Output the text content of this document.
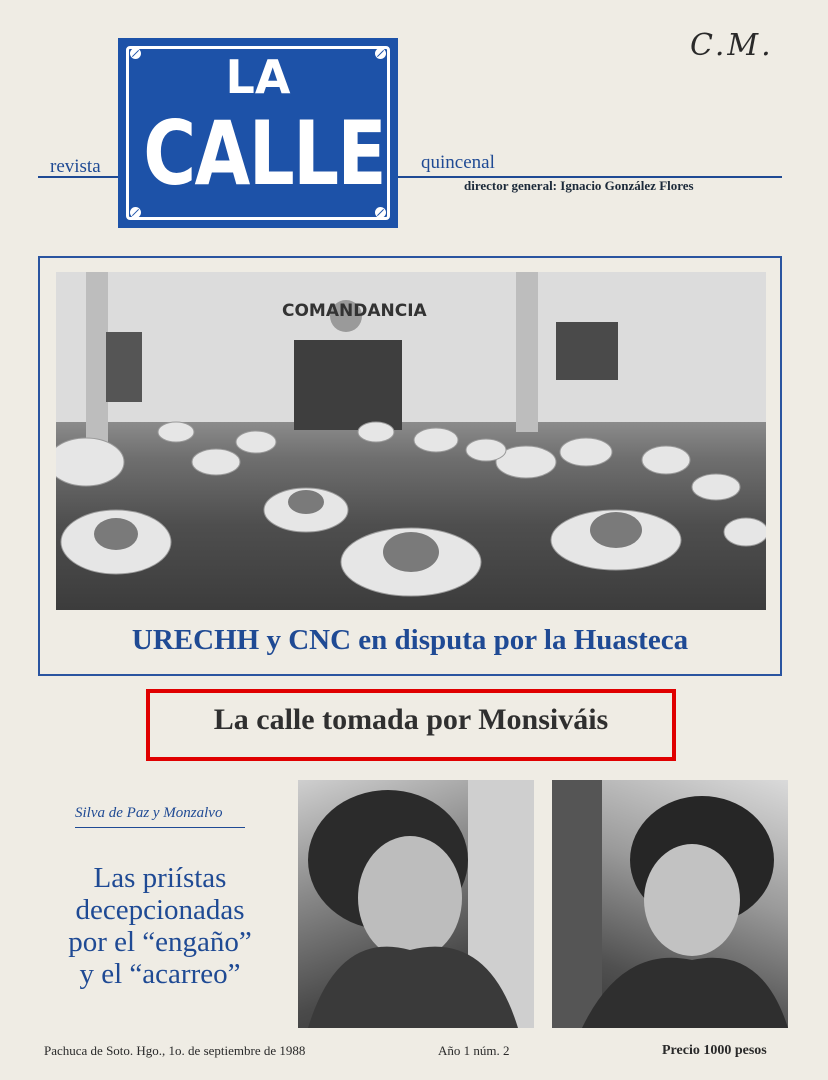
C.M.
revista	quincenal
director general: Ignacio González Flores
LA
CALLE
COMANDANCIA
URECHH y CNC en disputa por la Huasteca
La calle tomada por Monsiváis
Silva de Paz y Monzalvo
Las priístas
decepcionadas
por el “engaño”
y el “acarreo”
Pachuca de Soto. Hgo., 1o. de septiembre de 1988	Año 1 núm. 2	Precio 1000 pesos
